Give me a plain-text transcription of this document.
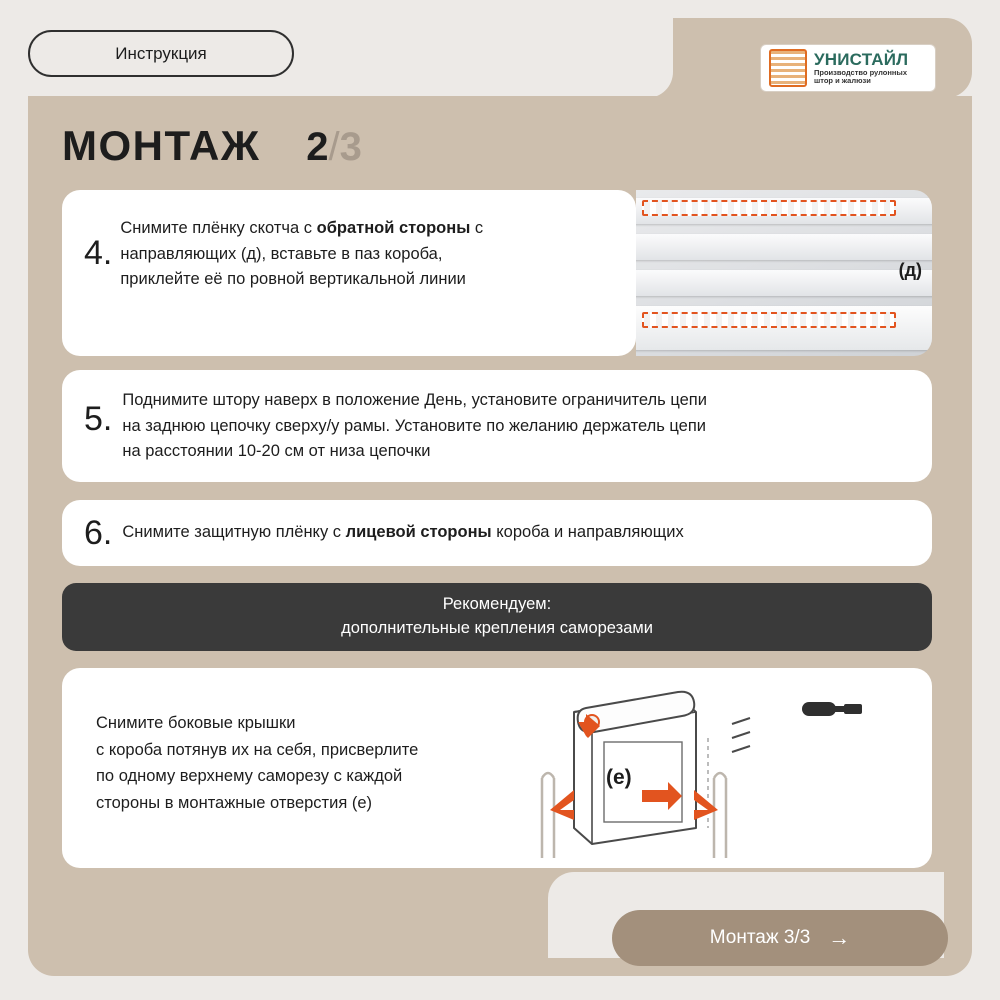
Инструкция	УНИСТАЙЛ
Производство рулонных
штор и жалюзи
МОНТАЖ 2/3
(д)
4.
Снимите плёнку скотча с обратной стороны с
направляющих (д), вставьте в паз короба,
приклейте её по ровной вертикальной линии
5. Поднимите штору наверх в положение День, установите ограничитель цепи
на заднюю цепочку сверху/у рамы. Установите по желанию держатель цепи
на расстоянии 10-20 см от низа цепочки
6. Снимите защитную плёнку с лицевой стороны короба и направляющих
Рекомендуем:
дополнительные крепления саморезами
Снимите боковые крышки
с короба потянув их на себя, присверлите
по одному верхнему саморезу с каждой
стороны в монтажные отверстия (е)
(е)
Монтаж 3/3 →
